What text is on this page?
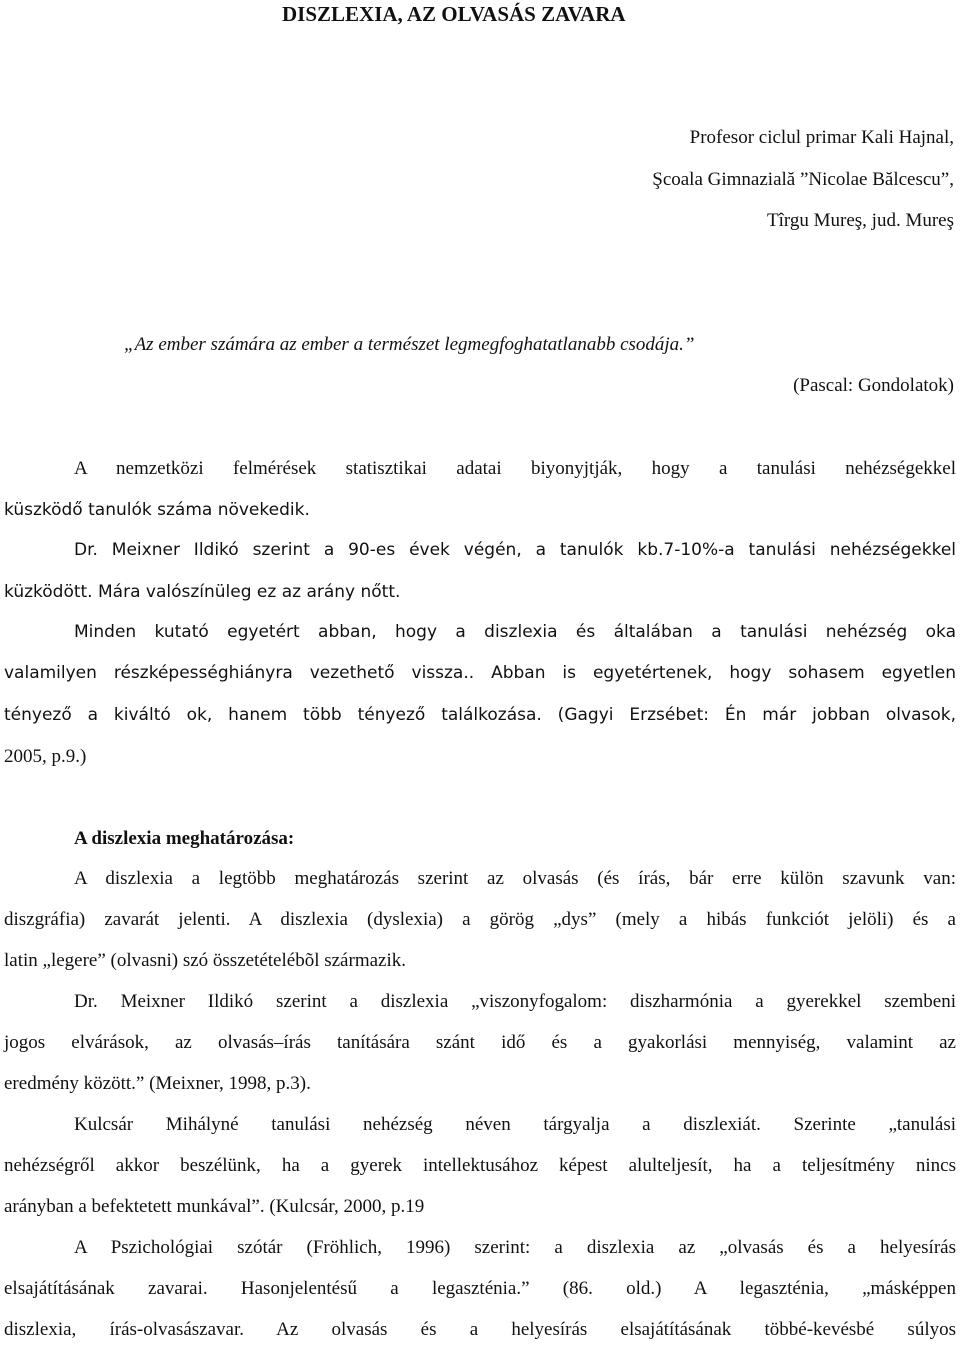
DISZLEXIA, AZ OLVASÁS ZAVARA
Profesor ciclul primar Kali Hajnal,
Şcoala Gimnazială ”Nicolae Bălcescu”,
Tîrgu Mureş, jud. Mureş
„Az ember számára az ember a természet legmegfoghatatlanabb csodája.”
(Pascal: Gondolatok)
A nemzetközi felmérések statisztikai adatai biyonyjtják, hogy a tanulási nehézségekkel
küszködő tanulók száma növekedik.
Dr. Meixner Ildikó szerint a 90-es évek végén, a tanulók kb.7-10%-a tanulási nehézségekkel
küzködött. Mára valószínüleg ez az arány nőtt.
Minden kutató egyetért abban, hogy a diszlexia és általában a tanulási nehézség oka
valamilyen részképességhiányra vezethető vissza.. Abban is egyetértenek, hogy sohasem egyetlen
tényező a kiváltó ok, hanem több tényező találkozása. (Gagyi Erzsébet: Én már jobban olvasok,
2005, p.9.)
A diszlexia meghatározása:
A diszlexia a legtöbb meghatározás szerint az olvasás (és írás, bár erre külön szavunk van:
diszgráfia) zavarát jelenti. A diszlexia (dyslexia) a görög „dys” (mely a hibás funkciót jelöli) és a
latin „legere” (olvasni) szó összetételébõl származik.
Dr. Meixner Ildikó szerint a diszlexia „viszonyfogalom: diszharmónia a gyerekkel szembeni
jogos elvárások, az olvasás–írás tanítására szánt idő és a gyakorlási mennyiség, valamint az
eredmény között.” (Meixner, 1998, p.3).
Kulcsár Mihályné tanulási nehézség néven tárgyalja a diszlexiát. Szerinte „tanulási
nehézségről akkor beszélünk, ha a gyerek intellektusához képest alulteljesít, ha a teljesítmény nincs
arányban a befektetett munkával”. (Kulcsár, 2000, p.19
A Pszichológiai szótár (Fröhlich, 1996) szerint: a diszlexia az „olvasás és a helyesírás
elsajátításának zavarai. Hasonjelentésű a legaszténia.” (86. old.) A legaszténia, „másképpen
diszlexia, írás-olvasászavar. Az olvasás és a helyesírás elsajátításának többé-kevésbé súlyos
